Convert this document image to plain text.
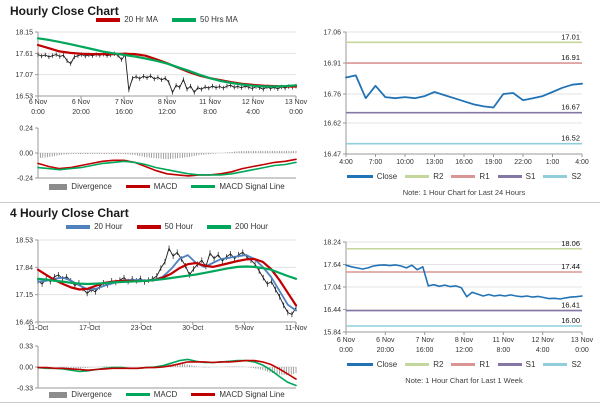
Hourly Close Chart
20 Hr MA	50 Hrs MA
18.15
17.61
17.07
16.53
6 Nov
0:00
6 Nov
20:00
7 Nov
16:00
8 Nov
12:00
11 Nov
8:00
12 Nov
4:00
13 Nov
0:00
0.24
0.00
-0.24
Divergence	MACD	MACD Signal Line
17.06
16.91
16.76
16.62
16.47
4:00 7:00 10:00 13:00 16:00 19:00 22:00 1:00 4:00
17.01
16.91
16.67
16.52
Close	R2	R1	S1	S2
Note: 1 Hour Chart for Last 24 Hours
4 Hourly Close Chart
20 Hour	50 Hour	200 Hour
18.53
17.84
17.15
16.46
11-Oct	17-Oct	23-Oct	30-Oct	5-Nov	11-Nov
0.33
0.00
-0.33
Divergence	MACD	MACD Signal Line
18.24
17.64
17.04
16.44
15.84
6 Nov
0:00
6 Nov
20:00
7 Nov
16:00
8 Nov
12:00
11 Nov
8:00
12 Nov
4:00
13 Nov
0:00
18.06
17.44
16.41
16.00
Close	R2	R1	S1	S2
Note: 1 Hour Chart for Last 1 Week
